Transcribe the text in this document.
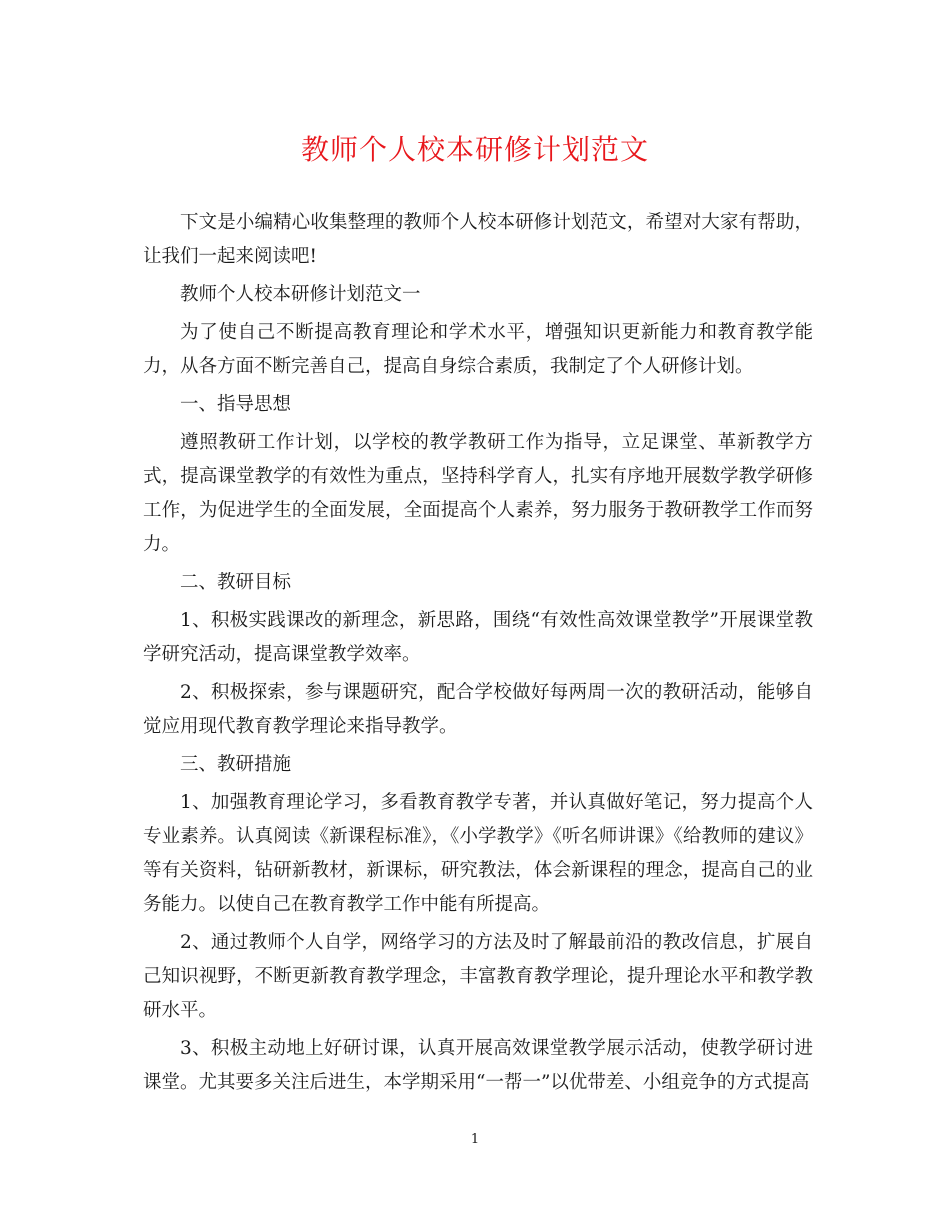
教师个人校本研修计划范文

下文是小编精心收集整理的教师个人校本研修计划范文，希望对大家有帮助，让我们一起来阅读吧!

教师个人校本研修计划范文一

为了使自己不断提高教育理论和学术水平，增强知识更新能力和教育教学能力，从各方面不断完善自己，提高自身综合素质，我制定了个人研修计划。

一、指导思想

遵照教研工作计划，以学校的教学教研工作为指导，立足课堂、革新教学方式，提高课堂教学的有效性为重点，坚持科学育人，扎实有序地开展数学教学研修工作，为促进学生的全面发展，全面提高个人素养，努力服务于教研教学工作而努力。

二、教研目标

1、积极实践课改的新理念，新思路，围绕“有效性高效课堂教学”开展课堂教学研究活动，提高课堂教学效率。

2、积极探索，参与课题研究，配合学校做好每两周一次的教研活动，能够自觉应用现代教育教学理论来指导教学。

三、教研措施

1、加强教育理论学习，多看教育教学专著，并认真做好笔记，努力提高个人专业素养。认真阅读《新课程标准》，《小学教学》《听名师讲课》《给教师的建议》等有关资料，钻研新教材，新课标，研究教法，体会新课程的理念，提高自己的业务能力。以使自己在教育教学工作中能有所提高。

2、通过教师个人自学，网络学习的方法及时了解最前沿的教改信息，扩展自己知识视野，不断更新教育教学理念，丰富教育教学理论，提升理论水平和教学教研水平。

3、积极主动地上好研讨课，认真开展高效课堂教学展示活动，使教学研讨进课堂。尤其要多关注后进生，本学期采用“一帮一”以优带差、小组竞争的方式提高

1
